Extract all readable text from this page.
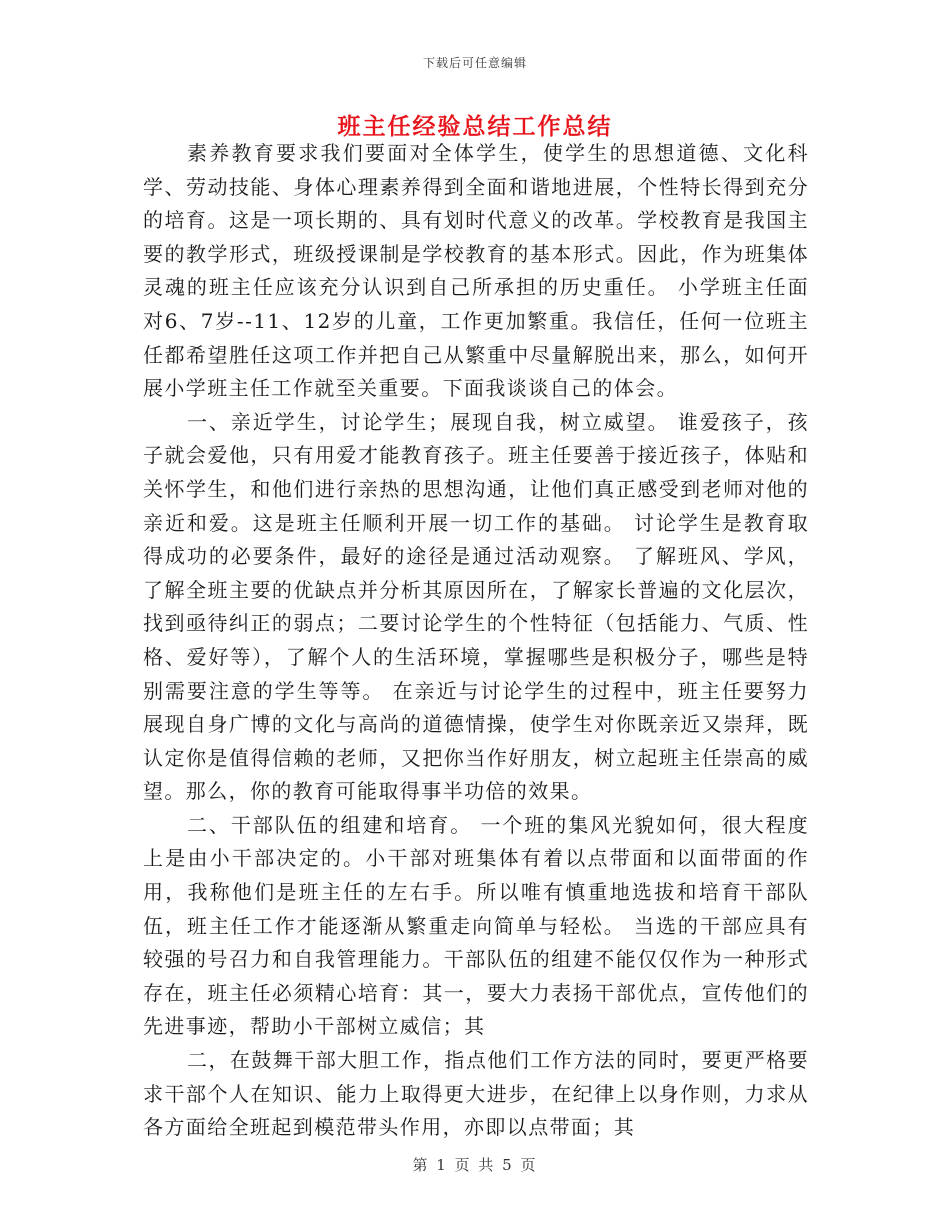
下载后可任意编辑
班主任经验总结工作总结

素养教育要求我们要面对全体学生，使学生的思想道德、文化科学、劳动技能、身体心理素养得到全面和谐地进展，个性特长得到充分的培育。这是一项长期的、具有划时代意义的改革。学校教育是我国主要的教学形式，班级授课制是学校教育的基本形式。因此，作为班集体灵魂的班主任应该充分认识到自己所承担的历史重任。 小学班主任面对6、7岁--11、12岁的儿童，工作更加繁重。我信任，任何一位班主任都希望胜任这项工作并把自己从繁重中尽量解脱出来，那么，如何开展小学班主任工作就至关重要。下面我谈谈自己的体会。

一、亲近学生，讨论学生；展现自我，树立威望。 谁爱孩子，孩子就会爱他，只有用爱才能教育孩子。班主任要善于接近孩子，体贴和关怀学生，和他们进行亲热的思想沟通，让他们真正感受到老师对他的亲近和爱。这是班主任顺利开展一切工作的基础。 讨论学生是教育取得成功的必要条件，最好的途径是通过活动观察。 了解班风、学风，了解全班主要的优缺点并分析其原因所在，了解家长普遍的文化层次，找到亟待纠正的弱点；二要讨论学生的个性特征（包括能力、气质、性格、爱好等），了解个人的生活环境，掌握哪些是积极分子，哪些是特别需要注意的学生等等。 在亲近与讨论学生的过程中，班主任要努力展现自身广博的文化与高尚的道德情操，使学生对你既亲近又崇拜，既认定你是值得信赖的老师，又把你当作好朋友，树立起班主任崇高的威望。那么，你的教育可能取得事半功倍的效果。

二、干部队伍的组建和培育。 一个班的集风光貌如何，很大程度上是由小干部决定的。小干部对班集体有着以点带面和以面带面的作用，我称他们是班主任的左右手。所以唯有慎重地选拔和培育干部队伍，班主任工作才能逐渐从繁重走向简单与轻松。 当选的干部应具有较强的号召力和自我管理能力。干部队伍的组建不能仅仅作为一种形式存在，班主任必须精心培育：其一，要大力表扬干部优点，宣传他们的先进事迹，帮助小干部树立威信；其

二，在鼓舞干部大胆工作，指点他们工作方法的同时，要更严格要求干部个人在知识、能力上取得更大进步，在纪律上以身作则，力求从各方面给全班起到模范带头作用，亦即以点带面；其

第 1 页 共 5 页
